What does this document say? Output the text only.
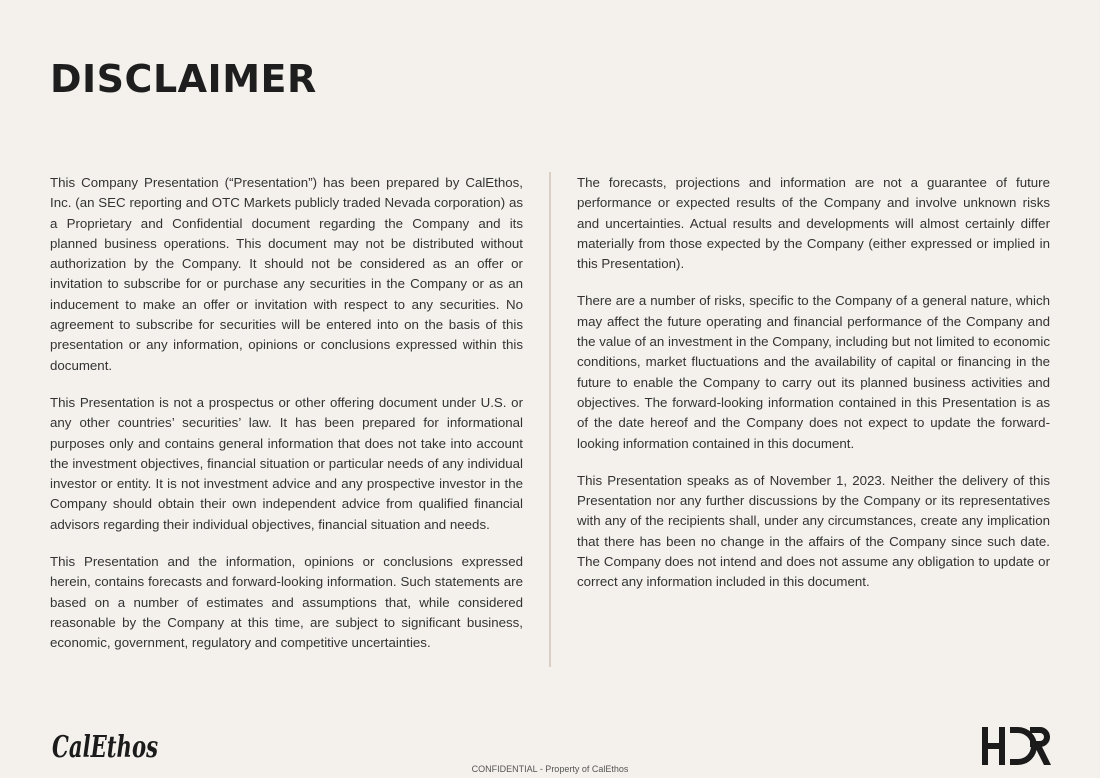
DISCLAIMER

This Company Presentation (“Presentation”) has been prepared by CalEthos, Inc. (an SEC reporting and OTC Markets publicly traded Nevada corporation) as a Proprietary and Confidential document regarding the Company and its planned business operations. This document may not be distributed without authorization by the Company. It should not be considered as an offer or invitation to subscribe for or purchase any securities in the Company or as an inducement to make an offer or invitation with respect to any securities. No agreement to subscribe for securities will be entered into on the basis of this presentation or any information, opinions or conclusions expressed within this document.

This Presentation is not a prospectus or other offering document under U.S. or any other countries’ securities’ law. It has been prepared for informational purposes only and contains general information that does not take into account the investment objectives, financial situation or particular needs of any individual investor or entity. It is not investment advice and any prospective investor in the Company should obtain their own independent advice from qualified financial advisors regarding their individual objectives, financial situation and needs.

This Presentation and the information, opinions or conclusions expressed herein, contains forecasts and forward-looking information. Such statements are based on a number of estimates and assumptions that, while considered reasonable by the Company at this time, are subject to significant business, economic, government, regulatory and competitive uncertainties.

The forecasts, projections and information are not a guarantee of future performance or expected results of the Company and involve unknown risks and uncertainties. Actual results and developments will almost certainly differ materially from those expected by the Company (either expressed or implied in this Presentation).

There are a number of risks, specific to the Company of a general nature, which may affect the future operating and financial performance of the Company and the value of an investment in the Company, including but not limited to economic conditions, market fluctuations and the availability of capital or financing in the future to enable the Company to carry out its planned business activities and objectives. The forward-looking information contained in this Presentation is as of the date hereof and the Company does not expect to update the forward-looking information contained in this document.

This Presentation speaks as of November 1, 2023. Neither the delivery of this Presentation nor any further discussions by the Company or its representatives with any of the recipients shall, under any circumstances, create any implication that there has been no change in the affairs of the Company since such date. The Company does not intend and does not assume any obligation to update or correct any information included in this document.

CalEthos
CONFIDENTIAL - Property of CalEthos
